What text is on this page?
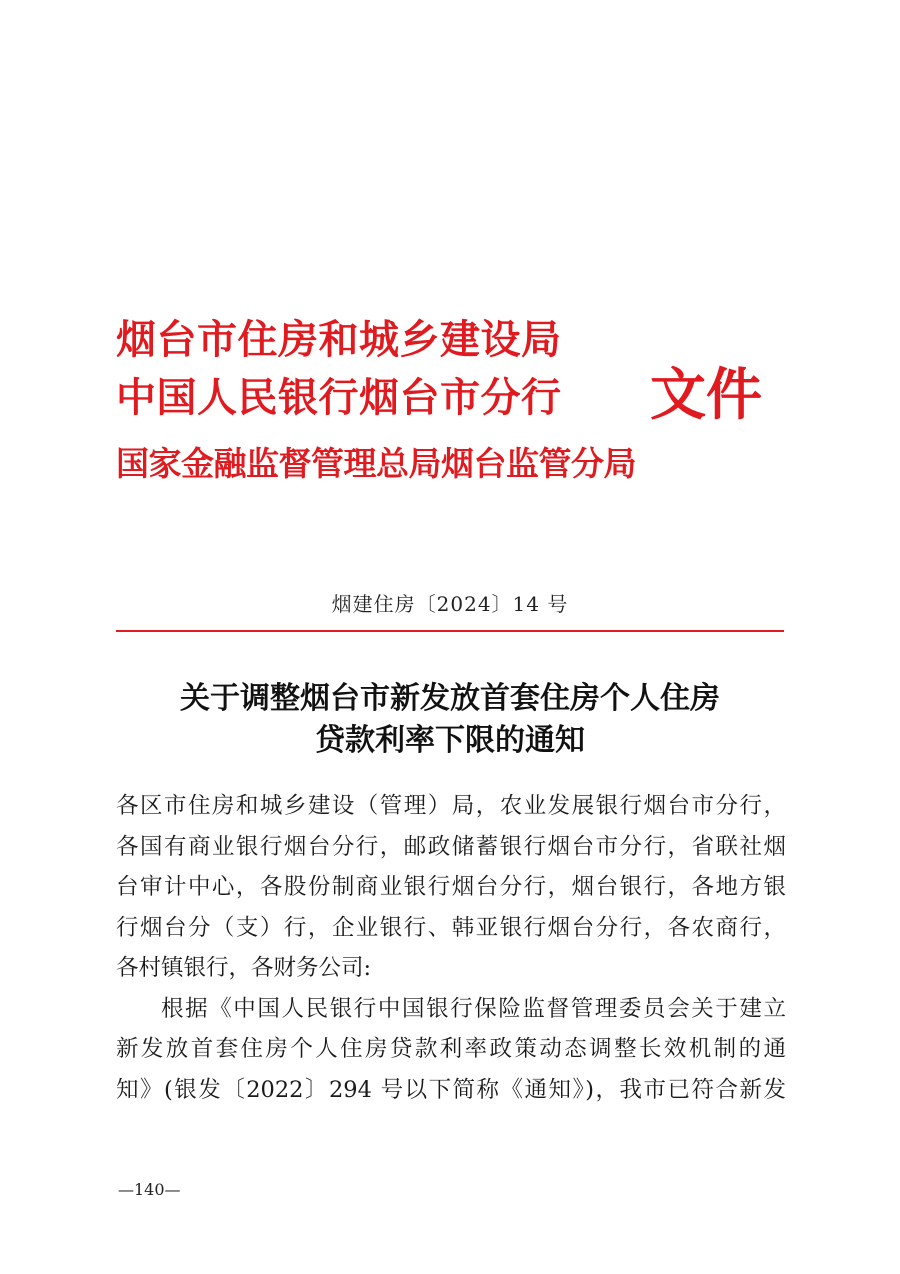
烟台市住房和城乡建设局
中国人民银行烟台市分行
国家金融监督管理总局烟台监管分局
文件
烟建住房〔2024〕14 号
关于调整烟台市新发放首套住房个人住房
贷款利率下限的通知
各区市住房和城乡建设（管理）局，农业发展银行烟台市分行，
各国有商业银行烟台分行，邮政储蓄银行烟台市分行，省联社烟
台审计中心，各股份制商业银行烟台分行，烟台银行，各地方银
行烟台分（支）行，企业银行、韩亚银行烟台分行，各农商行，
各村镇银行，各财务公司:
根据《中国人民银行中国银行保险监督管理委员会关于建立
新发放首套住房个人住房贷款利率政策动态调整长效机制的通
知》(银发〔2022〕294 号以下简称《通知》)，我市已符合新发
—140—
